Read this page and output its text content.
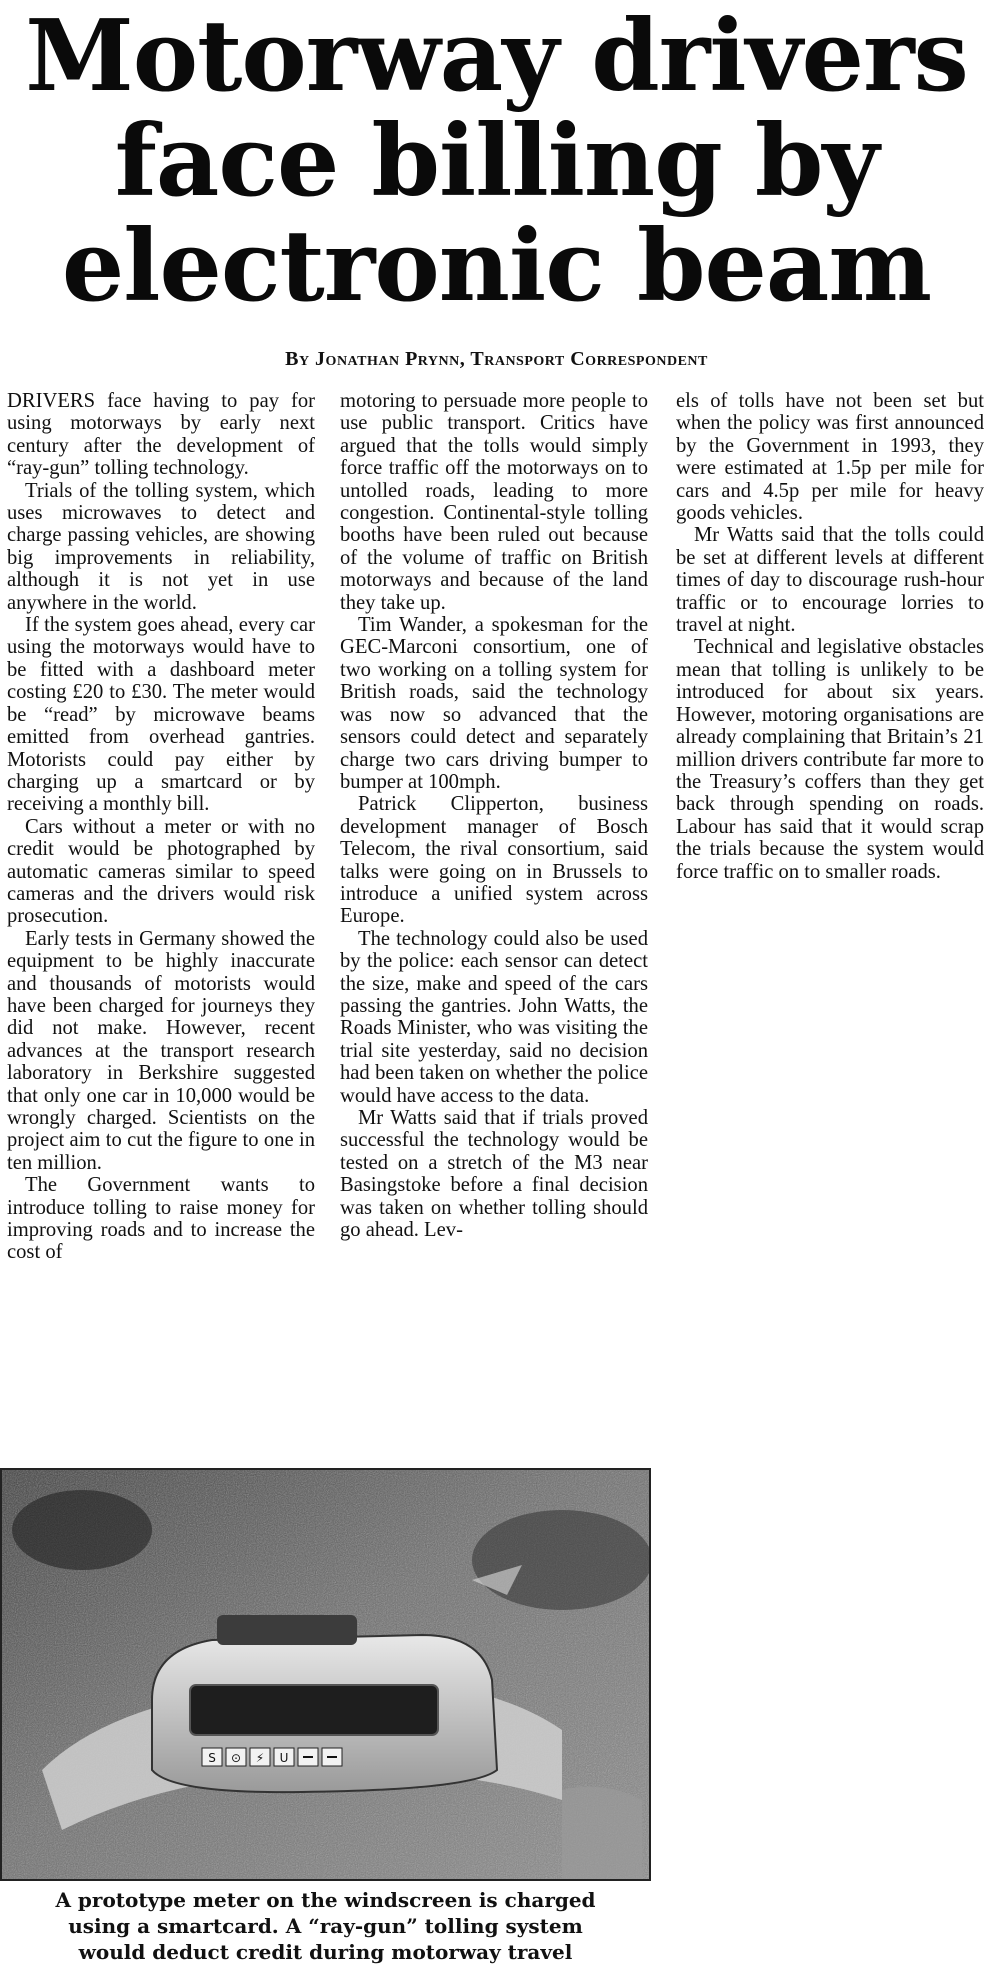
Motorway drivers
face billing by
electronic beam
By Jonathan Prynn, Transport Correspondent

DRIVERS face having to pay for using motorways by early next century after the development of “ray-gun” tolling technology.

Trials of the tolling system, which uses microwaves to detect and charge passing vehicles, are showing big improvements in reliability, although it is not yet in use anywhere in the world.

If the system goes ahead, every car using the motorways would have to be fitted with a dashboard meter costing £20 to £30. The meter would be “read” by microwave beams emitted from overhead gantries. Motorists could pay either by charging up a smartcard or by receiving a monthly bill.

Cars without a meter or with no credit would be photographed by automatic cameras similar to speed cameras and the drivers would risk prosecution.

Early tests in Germany showed the equipment to be highly inaccurate and thousands of motorists would have been charged for journeys they did not make. However, recent advances at the transport research laboratory in Berkshire suggested that only one car in 10,000 would be wrongly charged. Scientists on the project aim to cut the figure to one in ten million.

The Government wants to introduce tolling to raise money for improving roads and to increase the cost of

motoring to persuade more people to use public transport. Critics have argued that the tolls would simply force traffic off the motorways on to untolled roads, leading to more congestion. Continental-style tolling booths have been ruled out because of the volume of traffic on British motorways and because of the land they take up.

Tim Wander, a spokesman for the GEC-Marconi consortium, one of two working on a tolling system for British roads, said the technology was now so advanced that the sensors could detect and separately charge two cars driving bumper to bumper at 100mph.

Patrick Clipperton, business development manager of Bosch Telecom, the rival consortium, said talks were going on in Brussels to introduce a unified system across Europe.

The technology could also be used by the police: each sensor can detect the size, make and speed of the cars passing the gantries. John Watts, the Roads Minister, who was visiting the trial site yesterday, said no decision had been taken on whether the police would have access to the data.

Mr Watts said that if trials proved successful the technology would be tested on a stretch of the M3 near Basingstoke before a final decision was taken on whether tolling should go ahead. Lev-

els of tolls have not been set but when the policy was first announced by the Government in 1993, they were estimated at 1.5p per mile for cars and 4.5p per mile for heavy goods vehicles.

Mr Watts said that the tolls could be set at different levels at different times of day to discourage rush-hour traffic or to encourage lorries to travel at night.

Technical and legislative obstacles mean that tolling is unlikely to be introduced for about six years. However, motoring organisations are already complaining that Britain’s 21 million drivers contribute far more to the Treasury’s coffers than they get back through spending on roads. Labour has said that it would scrap the trials because the system would force traffic on to smaller roads.

S ⊙ ⚡ U
A prototype meter on the windscreen is charged
using a smartcard. A “ray-gun” tolling system
would deduct credit during motorway travel
